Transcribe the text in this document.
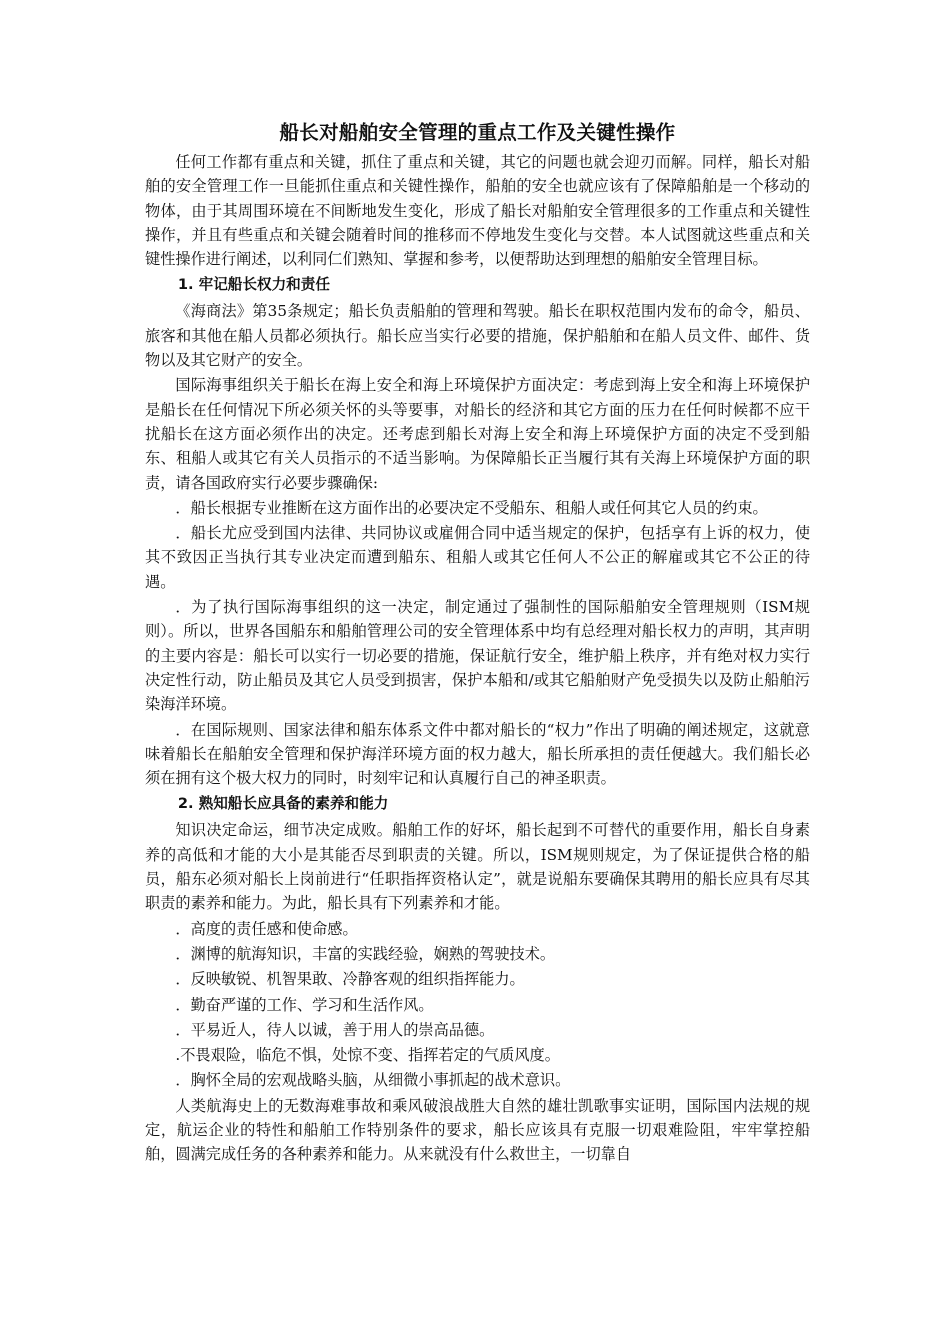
船长对船舶安全管理的重点工作及关键性操作

任何工作都有重点和关键，抓住了重点和关键，其它的问题也就会迎刃而解。同样，船长对船舶的安全管理工作一旦能抓住重点和关键性操作，船舶的安全也就应该有了保障船舶是一个移动的物体，由于其周围环境在不间断地发生变化，形成了船长对船舶安全管理很多的工作重点和关键性操作，并且有些重点和关键会随着时间的推移而不停地发生变化与交替。本人试图就这些重点和关键性操作进行阐述，以利同仁们熟知、掌握和参考，以便帮助达到理想的船舶安全管理目标。

1. 牢记船长权力和责任

《海商法》第35条规定；船长负责船舶的管理和驾驶。船长在职权范围内发布的命令，船员、旅客和其他在船人员都必须执行。船长应当实行必要的措施，保护船舶和在船人员文件、邮件、货物以及其它财产的安全。

国际海事组织关于船长在海上安全和海上环境保护方面决定：考虑到海上安全和海上环境保护是船长在任何情况下所必须关怀的头等要事，对船长的经济和其它方面的压力在任何时候都不应干扰船长在这方面必须作出的决定。还考虑到船长对海上安全和海上环境保护方面的决定不受到船东、租船人或其它有关人员指示的不适当影响。为保障船长正当履行其有关海上环境保护方面的职责，请各国政府实行必要步骤确保:

．船长根据专业推断在这方面作出的必要决定不受船东、租船人或任何其它人员的约束。

．船长尤应受到国内法律、共同协议或雇佣合同中适当规定的保护，包括享有上诉的权力，使其不致因正当执行其专业决定而遭到船东、租船人或其它任何人不公正的解雇或其它不公正的待遇。

．为了执行国际海事组织的这一决定，制定通过了强制性的国际船舶安全管理规则（ISM规则）。所以，世界各国船东和船舶管理公司的安全管理体系中均有总经理对船长权力的声明，其声明的主要内容是：船长可以实行一切必要的措施，保证航行安全，维护船上秩序，并有绝对权力实行决定性行动，防止船员及其它人员受到损害，保护本船和/或其它船舶财产免受损失以及防止船舶污染海洋环境。

．在国际规则、国家法律和船东体系文件中都对船长的“权力”作出了明确的阐述规定，这就意味着船长在船舶安全管理和保护海洋环境方面的权力越大，船长所承担的责任便越大。我们船长必须在拥有这个极大权力的同时，时刻牢记和认真履行自己的神圣职责。

2. 熟知船长应具备的素养和能力

知识决定命运，细节决定成败。船舶工作的好坏，船长起到不可替代的重要作用，船长自身素养的高低和才能的大小是其能否尽到职责的关键。所以，ISM规则规定，为了保证提供合格的船员，船东必须对船长上岗前进行“任职指挥资格认定”，就是说船东要确保其聘用的船长应具有尽其职责的素养和能力。为此，船长具有下列素养和才能。

．高度的责任感和使命感。
．渊博的航海知识，丰富的实践经验，娴熟的驾驶技术。
．反映敏锐、机智果敢、冷静客观的组织指挥能力。
．勤奋严谨的工作、学习和生活作风。
．平易近人，待人以诚，善于用人的崇高品德。
.不畏艰险，临危不惧，处惊不变、指挥若定的气质风度。
．胸怀全局的宏观战略头脑，从细微小事抓起的战术意识。

人类航海史上的无数海难事故和乘风破浪战胜大自然的雄壮凯歌事实证明，国际国内法规的规定，航运企业的特性和船舶工作特别条件的要求，船长应该具有克服一切艰难险阻，牢牢掌控船舶，圆满完成任务的各种素养和能力。从来就没有什么救世主，一切靠自
